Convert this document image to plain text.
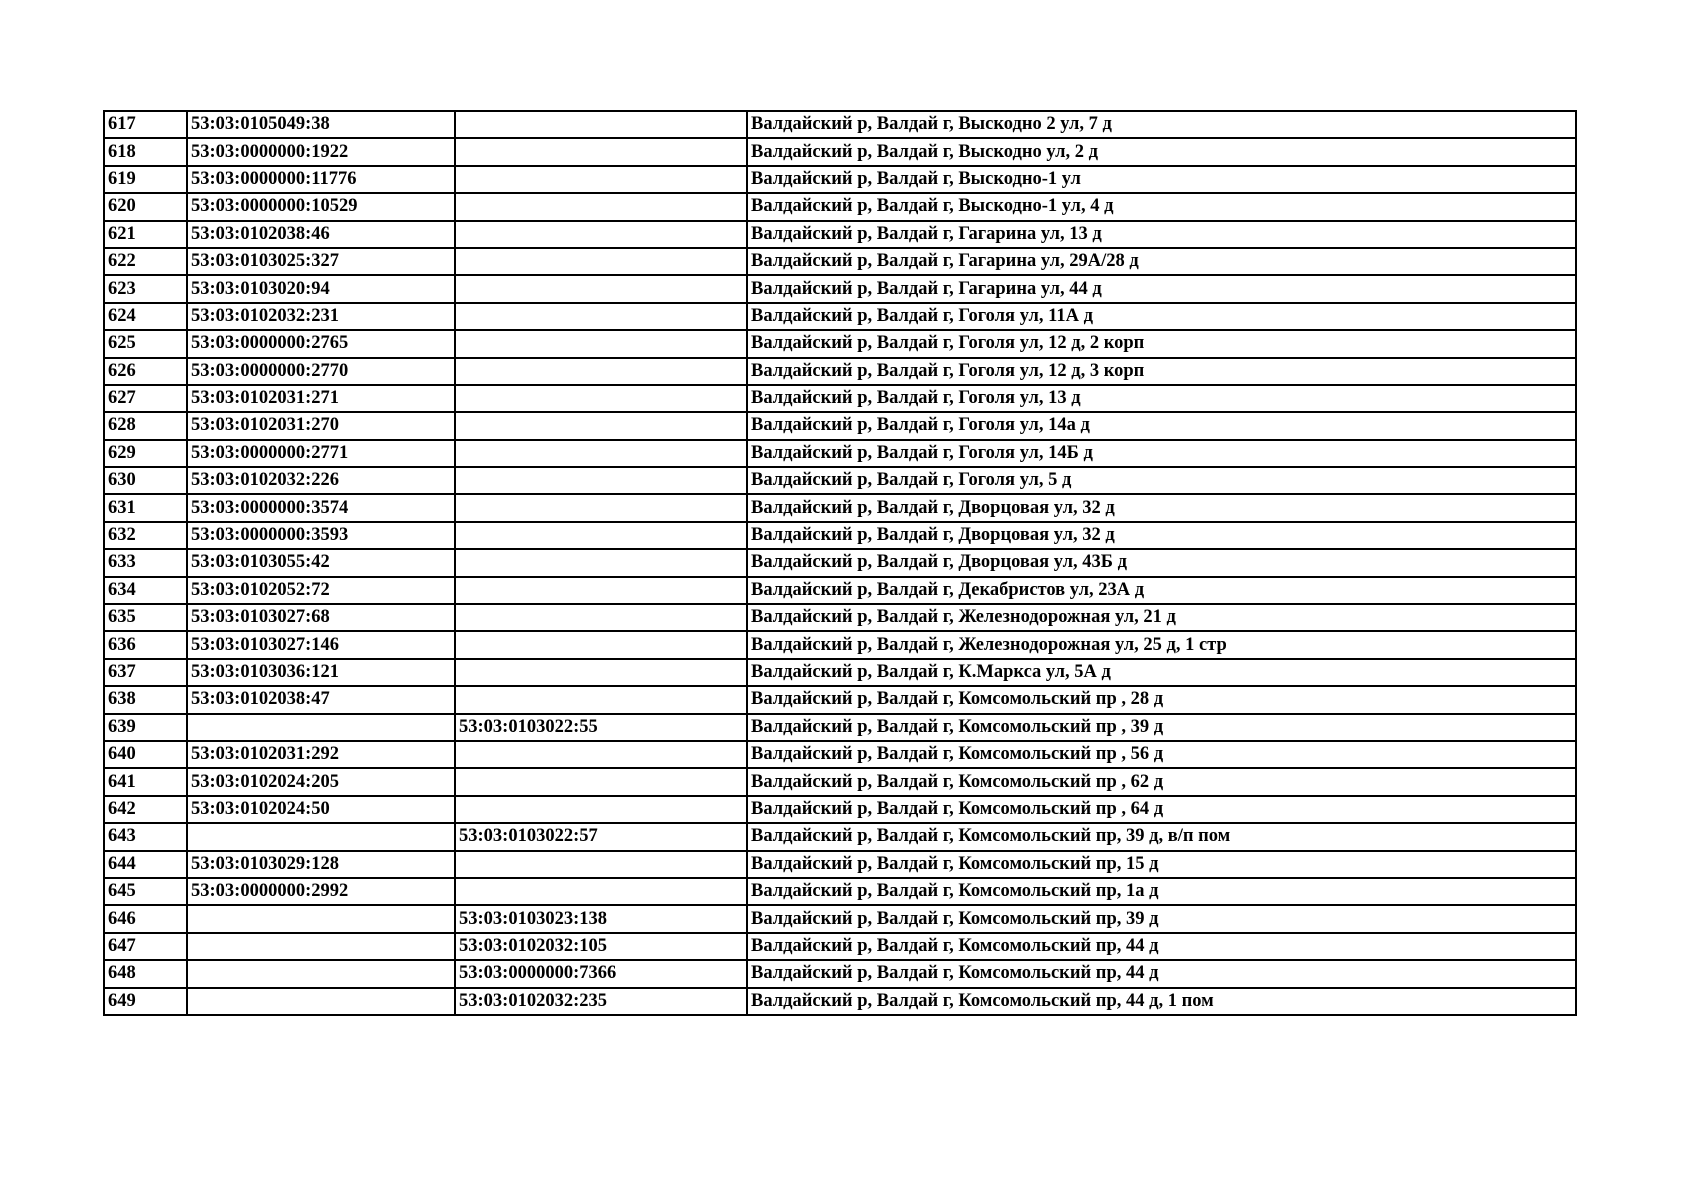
617	53:03:0105049:38		Валдайский р, Валдай г, Выскодно 2 ул, 7 д
618	53:03:0000000:1922		Валдайский р, Валдай г, Выскодно ул, 2 д
619	53:03:0000000:11776		Валдайский р, Валдай г, Выскодно-1 ул
620	53:03:0000000:10529		Валдайский р, Валдай г, Выскодно-1 ул, 4 д
621	53:03:0102038:46		Валдайский р, Валдай г, Гагарина ул, 13 д
622	53:03:0103025:327		Валдайский р, Валдай г, Гагарина ул, 29А/28 д
623	53:03:0103020:94		Валдайский р, Валдай г, Гагарина ул, 44 д
624	53:03:0102032:231		Валдайский р, Валдай г, Гоголя ул, 11А д
625	53:03:0000000:2765		Валдайский р, Валдай г, Гоголя ул, 12 д, 2 корп
626	53:03:0000000:2770		Валдайский р, Валдай г, Гоголя ул, 12 д, 3 корп
627	53:03:0102031:271		Валдайский р, Валдай г, Гоголя ул, 13 д
628	53:03:0102031:270		Валдайский р, Валдай г, Гоголя ул, 14а д
629	53:03:0000000:2771		Валдайский р, Валдай г, Гоголя ул, 14Б д
630	53:03:0102032:226		Валдайский р, Валдай г, Гоголя ул, 5 д
631	53:03:0000000:3574		Валдайский р, Валдай г, Дворцовая ул, 32 д
632	53:03:0000000:3593		Валдайский р, Валдай г, Дворцовая ул, 32 д
633	53:03:0103055:42		Валдайский р, Валдай г, Дворцовая ул, 43Б д
634	53:03:0102052:72		Валдайский р, Валдай г, Декабристов ул, 23А д
635	53:03:0103027:68		Валдайский р, Валдай г, Железнодорожная ул, 21 д
636	53:03:0103027:146		Валдайский р, Валдай г, Железнодорожная ул, 25 д, 1 стр
637	53:03:0103036:121		Валдайский р, Валдай г, К.Маркса ул, 5А д
638	53:03:0102038:47		Валдайский р, Валдай г, Комсомольский пр , 28 д
639		53:03:0103022:55	Валдайский р, Валдай г, Комсомольский пр , 39 д
640	53:03:0102031:292		Валдайский р, Валдай г, Комсомольский пр , 56 д
641	53:03:0102024:205		Валдайский р, Валдай г, Комсомольский пр , 62 д
642	53:03:0102024:50		Валдайский р, Валдай г, Комсомольский пр , 64 д
643		53:03:0103022:57	Валдайский р, Валдай г, Комсомольский пр, 39 д, в/п пом
644	53:03:0103029:128		Валдайский р, Валдай г, Комсомольский пр, 15 д
645	53:03:0000000:2992		Валдайский р, Валдай г, Комсомольский пр, 1а д
646		53:03:0103023:138	Валдайский р, Валдай г, Комсомольский пр, 39 д
647		53:03:0102032:105	Валдайский р, Валдай г, Комсомольский пр, 44 д
648		53:03:0000000:7366	Валдайский р, Валдай г, Комсомольский пр, 44 д
649		53:03:0102032:235	Валдайский р, Валдай г, Комсомольский пр, 44 д, 1 пом
